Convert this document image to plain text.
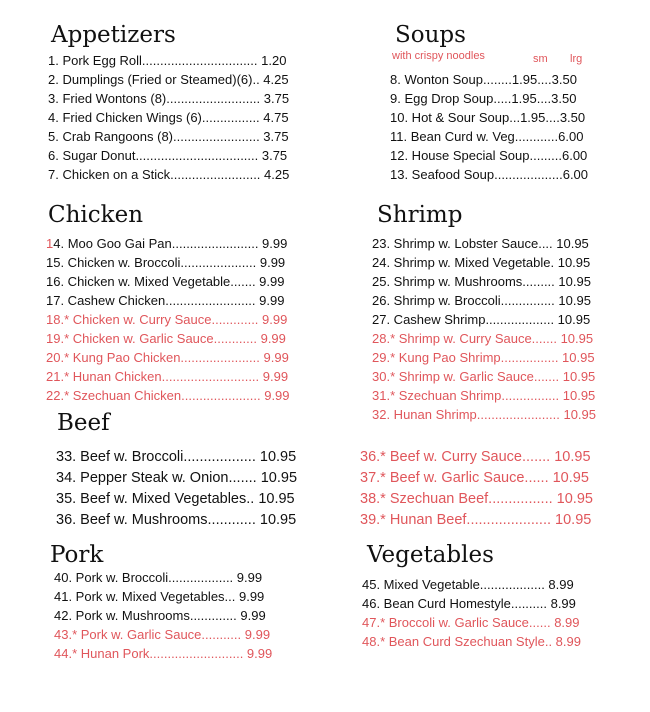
Appetizers
1. Pork Egg Roll................................ 1.20
2. Dumplings (Fried or Steamed)(6).. 4.25
3. Fried Wontons (8).......................... 3.75
4. Fried Chicken Wings (6)................ 4.75
5. Crab Rangoons (8)........................ 3.75
6. Sugar Donut.................................. 3.75
7. Chicken on a Stick......................... 4.25
Soups
with crispy noodles	sm lrg
8. Wonton Soup........1.95....3.50
9. Egg Drop Soup.....1.95....3.50
10. Hot & Sour Soup...1.95....3.50
11. Bean Curd w. Veg............6.00
12. House Special Soup.........6.00
13. Seafood Soup...................6.00
Chicken
14. Moo Goo Gai Pan........................ 9.99
15. Chicken w. Broccoli..................... 9.99
16. Chicken w. Mixed Vegetable....... 9.99
17. Cashew Chicken......................... 9.99
18.* Chicken w. Curry Sauce............. 9.99
19.* Chicken w. Garlic Sauce............ 9.99
20.* Kung Pao Chicken...................... 9.99
21.* Hunan Chicken........................... 9.99
22.* Szechuan Chicken...................... 9.99
Shrimp
23. Shrimp w. Lobster Sauce.... 10.95
24. Shrimp w. Mixed Vegetable. 10.95
25. Shrimp w. Mushrooms......... 10.95
26. Shrimp w. Broccoli............... 10.95
27. Cashew Shrimp................... 10.95
28.* Shrimp w. Curry Sauce....... 10.95
29.* Kung Pao Shrimp................ 10.95
30.* Shrimp w. Garlic Sauce....... 10.95
31.* Szechuan Shrimp................ 10.95
32. Hunan Shrimp....................... 10.95
Beef
33. Beef w. Broccoli.................. 10.95
34. Pepper Steak w. Onion....... 10.95
35. Beef w. Mixed Vegetables.. 10.95
36. Beef w. Mushrooms............ 10.95
36.* Beef w. Curry Sauce....... 10.95
37.* Beef w. Garlic Sauce...... 10.95
38.* Szechuan Beef................ 10.95
39.* Hunan Beef..................... 10.95
Pork
40. Pork w. Broccoli.................. 9.99
41. Pork w. Mixed Vegetables... 9.99
42. Pork w. Mushrooms............. 9.99
43.* Pork w. Garlic Sauce........... 9.99
44.* Hunan Pork.......................... 9.99
Vegetables
45. Mixed Vegetable.................. 8.99
46. Bean Curd Homestyle.......... 8.99
47.* Broccoli w. Garlic Sauce...... 8.99
48.* Bean Curd Szechuan Style.. 8.99
